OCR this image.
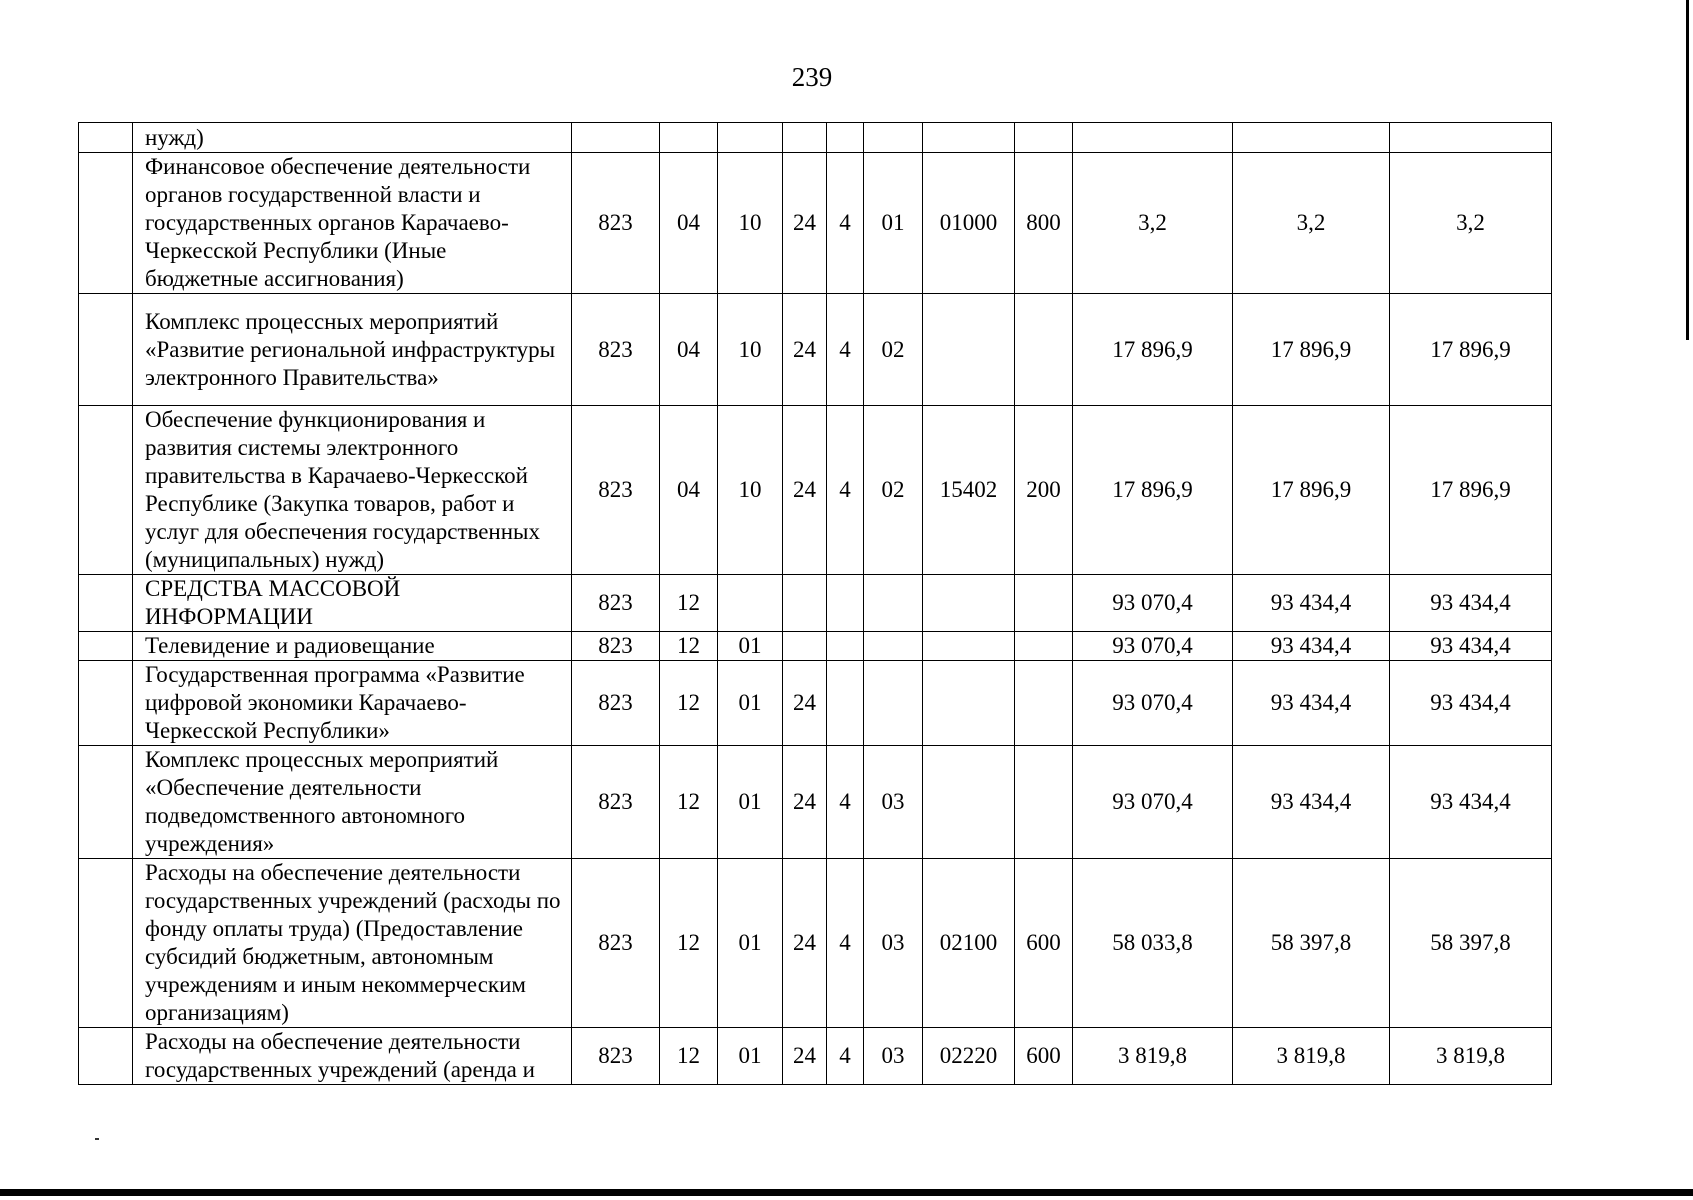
239
	нужд)											
	Финансовое обеспечение деятельности органов государственной власти и государственных органов Карачаево-Черкесской Республики (Иные бюджетные ассигнования)	823	04	10	24	4	01	01000	800	3,2	3,2	3,2
	Комплекс процессных мероприятий «Развитие региональной инфраструктуры электронного Правительства»	823	04	10	24	4	02			17 896,9	17 896,9	17 896,9
	Обеспечение функционирования и развития системы электронного правительства в Карачаево-Черкесской Республике (Закупка товаров, работ и услуг для обеспечения государственных (муниципальных) нужд)	823	04	10	24	4	02	15402	200	17 896,9	17 896,9	17 896,9
	СРЕДСТВА МАССОВОЙ ИНФОРМАЦИИ	823	12							93 070,4	93 434,4	93 434,4
	Телевидение и радиовещание	823	12	01						93 070,4	93 434,4	93 434,4
	Государственная программа «Развитие цифровой экономики Карачаево-Черкесской Республики»	823	12	01	24					93 070,4	93 434,4	93 434,4
	Комплекс процессных мероприятий «Обеспечение деятельности подведомственного автономного учреждения»	823	12	01	24	4	03			93 070,4	93 434,4	93 434,4
	Расходы на обеспечение деятельности государственных учреждений (расходы по фонду оплаты труда) (Предоставление субсидий бюджетным, автономным учреждениям и иным некоммерческим организациям)	823	12	01	24	4	03	02100	600	58 033,8	58 397,8	58 397,8
	Расходы на обеспечение деятельности государственных учреждений (аренда и	823	12	01	24	4	03	02220	600	3 819,8	3 819,8	3 819,8
